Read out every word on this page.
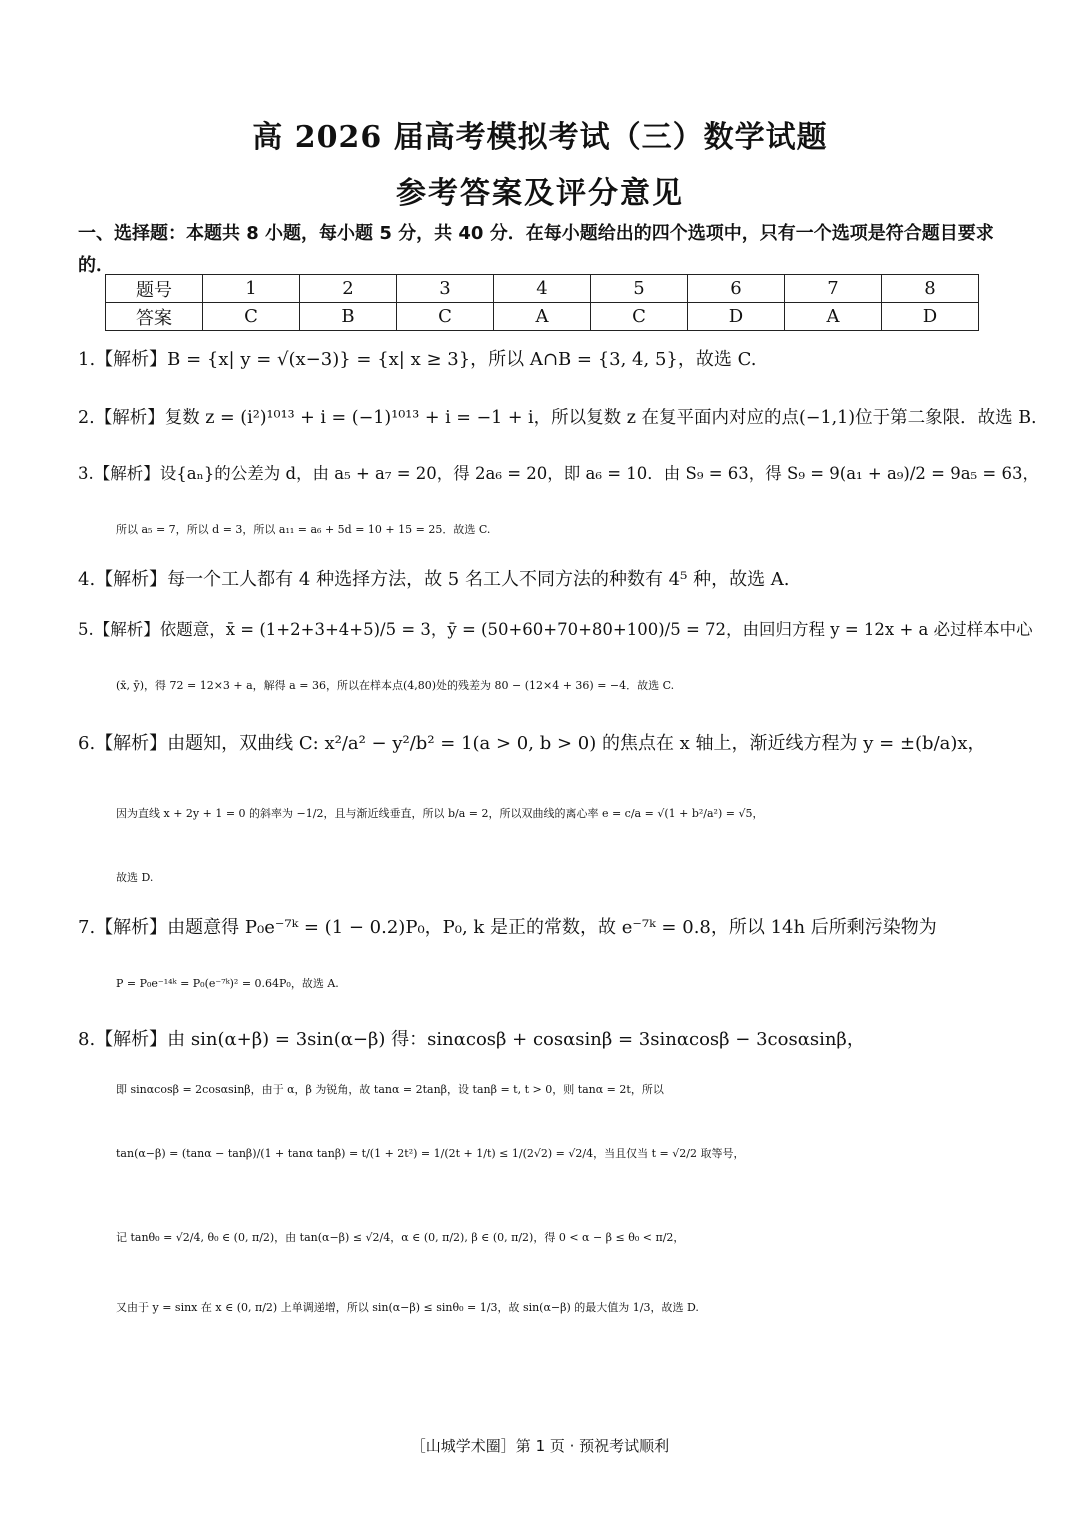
高 2026 届高考模拟考试（三）数学试题
参考答案及评分意见
一、选择题：本题共 8 小题，每小题 5 分，共 40 分．在每小题给出的四个选项中，只有一个选项是符合题目要求的．
题号	1	2	3	4	5	6	7	8
答案	C	B	C	A	C	D	A	D
1.【解析】B = {x| y = √(x−3)} = {x| x ≥ 3}，所以 A∩B = {3, 4, 5}，故选 C.
2.【解析】复数 z = (i²)¹⁰¹³ + i = (−1)¹⁰¹³ + i = −1 + i，所以复数 z 在复平面内对应的点(−1,1)位于第二象限．故选 B.
3.【解析】设{aₙ}的公差为 d，由 a₅ + a₇ = 20，得 2a₆ = 20，即 a₆ = 10．由 S₉ = 63，得 S₉ = 9(a₁ + a₉)/2 = 9a₅ = 63，
所以 a₅ = 7，所以 d = 3，所以 a₁₁ = a₆ + 5d = 10 + 15 = 25．故选 C.
4.【解析】每一个工人都有 4 种选择方法，故 5 名工人不同方法的种数有 4⁵ 种，故选 A.
5.【解析】依题意，x̄ = (1+2+3+4+5)/5 = 3，ȳ = (50+60+70+80+100)/5 = 72，由回归方程 y = 12x + a 必过样本中心
(x̄, ȳ)，得 72 = 12×3 + a，解得 a = 36，所以在样本点(4,80)处的残差为 80 − (12×4 + 36) = −4．故选 C.
6.【解析】由题知，双曲线 C: x²/a² − y²/b² = 1(a > 0, b > 0) 的焦点在 x 轴上，渐近线方程为 y = ±(b/a)x，
因为直线 x + 2y + 1 = 0 的斜率为 −1/2，且与渐近线垂直，所以 b/a = 2，所以双曲线的离心率 e = c/a = √(1 + b²/a²) = √5，
故选 D.
7.【解析】由题意得 P₀e⁻⁷ᵏ = (1 − 0.2)P₀，P₀, k 是正的常数，故 e⁻⁷ᵏ = 0.8，所以 14h 后所剩污染物为
P = P₀e⁻¹⁴ᵏ = P₀(e⁻⁷ᵏ)² = 0.64P₀，故选 A.
8.【解析】由 sin(α+β) = 3sin(α−β) 得：sinαcosβ + cosαsinβ = 3sinαcosβ − 3cosαsinβ，
即 sinαcosβ = 2cosαsinβ，由于 α，β 为锐角，故 tanα = 2tanβ，设 tanβ = t, t > 0，则 tanα = 2t，所以
tan(α−β) = (tanα − tanβ)/(1 + tanα tanβ) = t/(1 + 2t²) = 1/(2t + 1/t) ≤ 1/(2√2) = √2/4，当且仅当 t = √2/2 取等号，
记 tanθ₀ = √2/4, θ₀ ∈ (0, π/2)，由 tan(α−β) ≤ √2/4，α ∈ (0, π/2), β ∈ (0, π/2)，得 0 < α − β ≤ θ₀ < π/2，
又由于 y = sinx 在 x ∈ (0, π/2) 上单调递增，所以 sin(α−β) ≤ sinθ₀ = 1/3，故 sin(α−β) 的最大值为 1/3，故选 D.
［山城学术圈］第 1 页 · 预祝考试顺利
